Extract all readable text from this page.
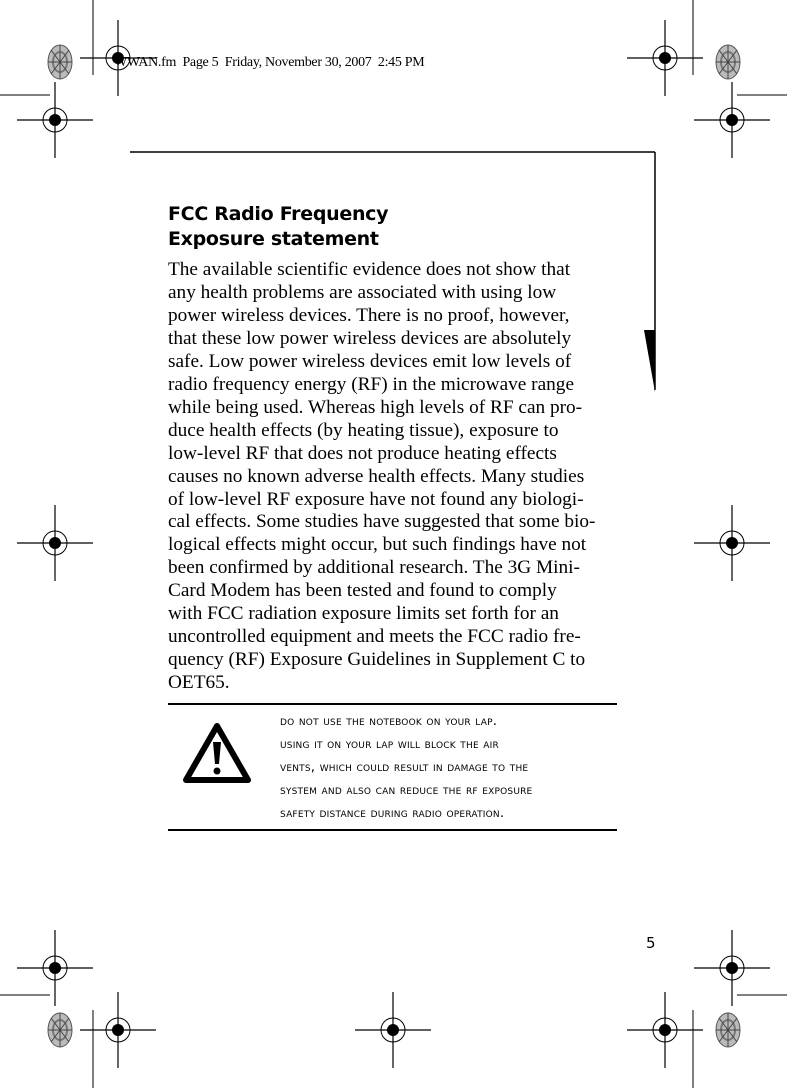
WWAN.fm  Page 5  Friday, November 30, 2007  2:45 PM
FCC Radio Frequency
Exposure statement
The available scientific evidence does not show that
any health problems are associated with using low
power wireless devices. There is no proof, however,
that these low power wireless devices are absolutely
safe. Low power wireless devices emit low levels of
radio frequency energy (RF) in the microwave range
while being used. Whereas high levels of RF can pro-
duce health effects (by heating tissue), exposure to
low-level RF that does not produce heating effects
causes no known adverse health effects. Many studies
of low-level RF exposure have not found any biologi-
cal effects. Some studies have suggested that some bio-
logical effects might occur, but such findings have not
been confirmed by additional research. The 3G Mini-
Card Modem has been tested and found to comply
with FCC radiation exposure limits set forth for an
uncontrolled equipment and meets the FCC radio fre-
quency (RF) Exposure Guidelines in Supplement C to
OET65.
do not use the notebook on your lap.
using it on your lap will block the air
vents, which could result in damage to the
system and also can reduce the rf exposure
safety distance during radio operation.
5
